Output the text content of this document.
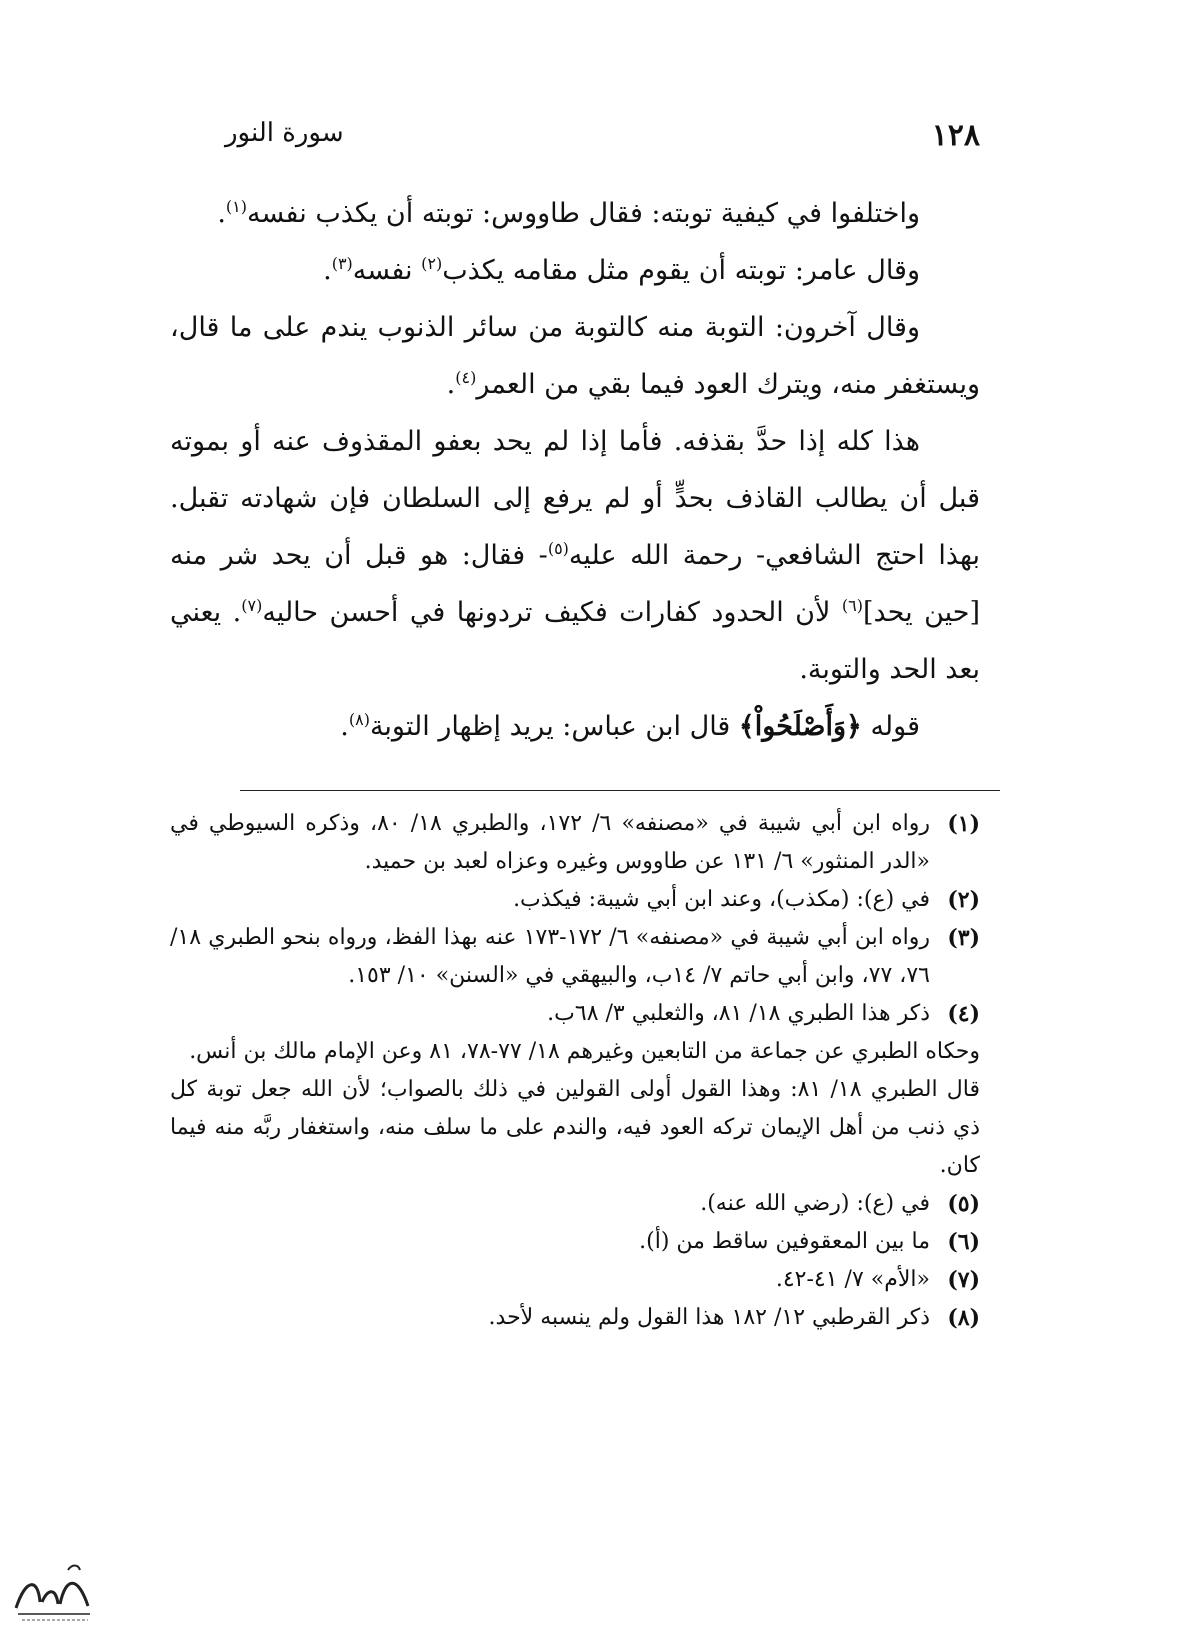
سورة النور	١٢٨

واختلفوا في كيفية توبته: فقال طاووس: توبته أن يكذب نفسه$^{(١)}$.

وقال عامر: توبته أن يقوم مثل مقامه يكذب$^{(٢)}$ نفسه$^{(٣)}$.

وقال آخرون: التوبة منه كالتوبة من سائر الذنوب يندم على ما قال، ويستغفر منه، ويترك العود فيما بقي من العمر$^{(٤)}$.

هذا كله إذا حدَّ بقذفه. فأما إذا لم يحد بعفو المقذوف عنه أو بموته قبل أن يطالب القاذف بحدٍّ أو لم يرفع إلى السلطان فإن شهادته تقبل. بهذا احتج الشافعي- رحمة الله عليه$^{(٥)}$- فقال: هو قبل أن يحد شر منه [حين يحد]$^{(٦)}$ لأن الحدود كفارات فكيف تردونها في أحسن حاليه$^{(٧)}$. يعني بعد الحد والتوبة.

قوله ﴿وَأَصْلَحُواْ﴾ قال ابن عباس: يريد إظهار التوبة$^{(٨)}$.

(١)
رواه ابن أبي شيبة في «مصنفه» ٦/ ١٧٢، والطبري ١٨/ ٨٠، وذكره السيوطي في «الدر المنثور» ٦/ ١٣١ عن طاووس وغيره وعزاه لعبد بن حميد.
(٢)
في (ع): (مكذب)، وعند ابن أبي شيبة: فيكذب.
(٣)
رواه ابن أبي شيبة في «مصنفه» ٦/ ١٧٢-١٧٣ عنه بهذا الفظ، ورواه بنحو الطبري ١٨/ ٧٦، ٧٧، وابن أبي حاتم ٧/ ١٤ب، والبيهقي في «السنن» ١٠/ ١٥٣.
(٤)
ذكر هذا الطبري ١٨/ ٨١، والثعلبي ٣/ ٦٨ب.

وحكاه الطبري عن جماعة من التابعين وغيرهم ١٨/ ٧٧-٧٨، ٨١ وعن الإمام مالك بن أنس.

قال الطبري ١٨/ ٨١: وهذا القول أولى القولين في ذلك بالصواب؛ لأن الله جعل توبة كل ذي ذنب من أهل الإيمان تركه العود فيه، والندم على ما سلف منه، واستغفار ربَّه منه فيما كان.

(٥)
في (ع): (رضي الله عنه).
(٦)
ما بين المعقوفين ساقط من (أ).
(٧)
«الأم» ٧/ ٤١-٤٢.
(٨)
ذكر القرطبي ١٢/ ١٨٢ هذا القول ولم ينسبه لأحد.
